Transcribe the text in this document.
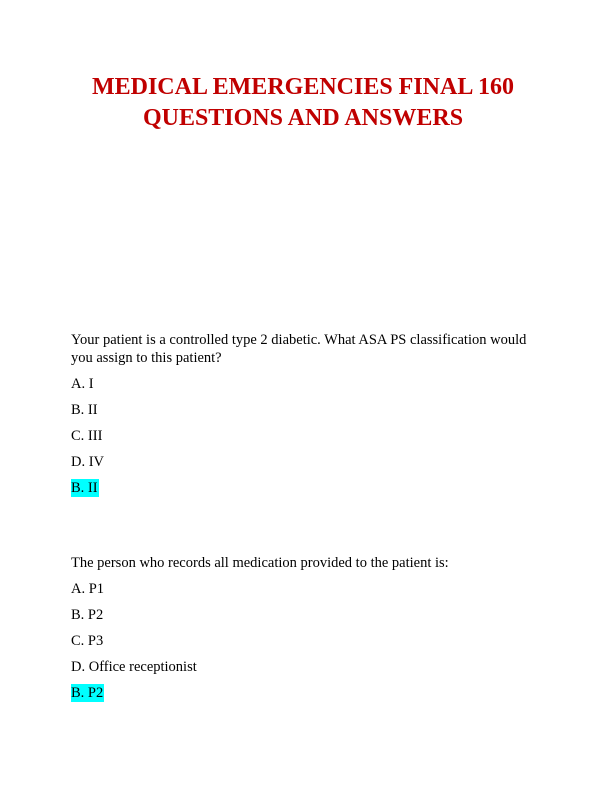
MEDICAL EMERGENCIES FINAL 160
QUESTIONS AND ANSWERS

Your patient is a controlled type 2 diabetic. What ASA PS classification would you assign to this patient?

A. I

B. II

C. III

D. IV

B. II

The person who records all medication provided to the patient is:

A. P1

B. P2

C. P3

D. Office receptionist

B. P2
